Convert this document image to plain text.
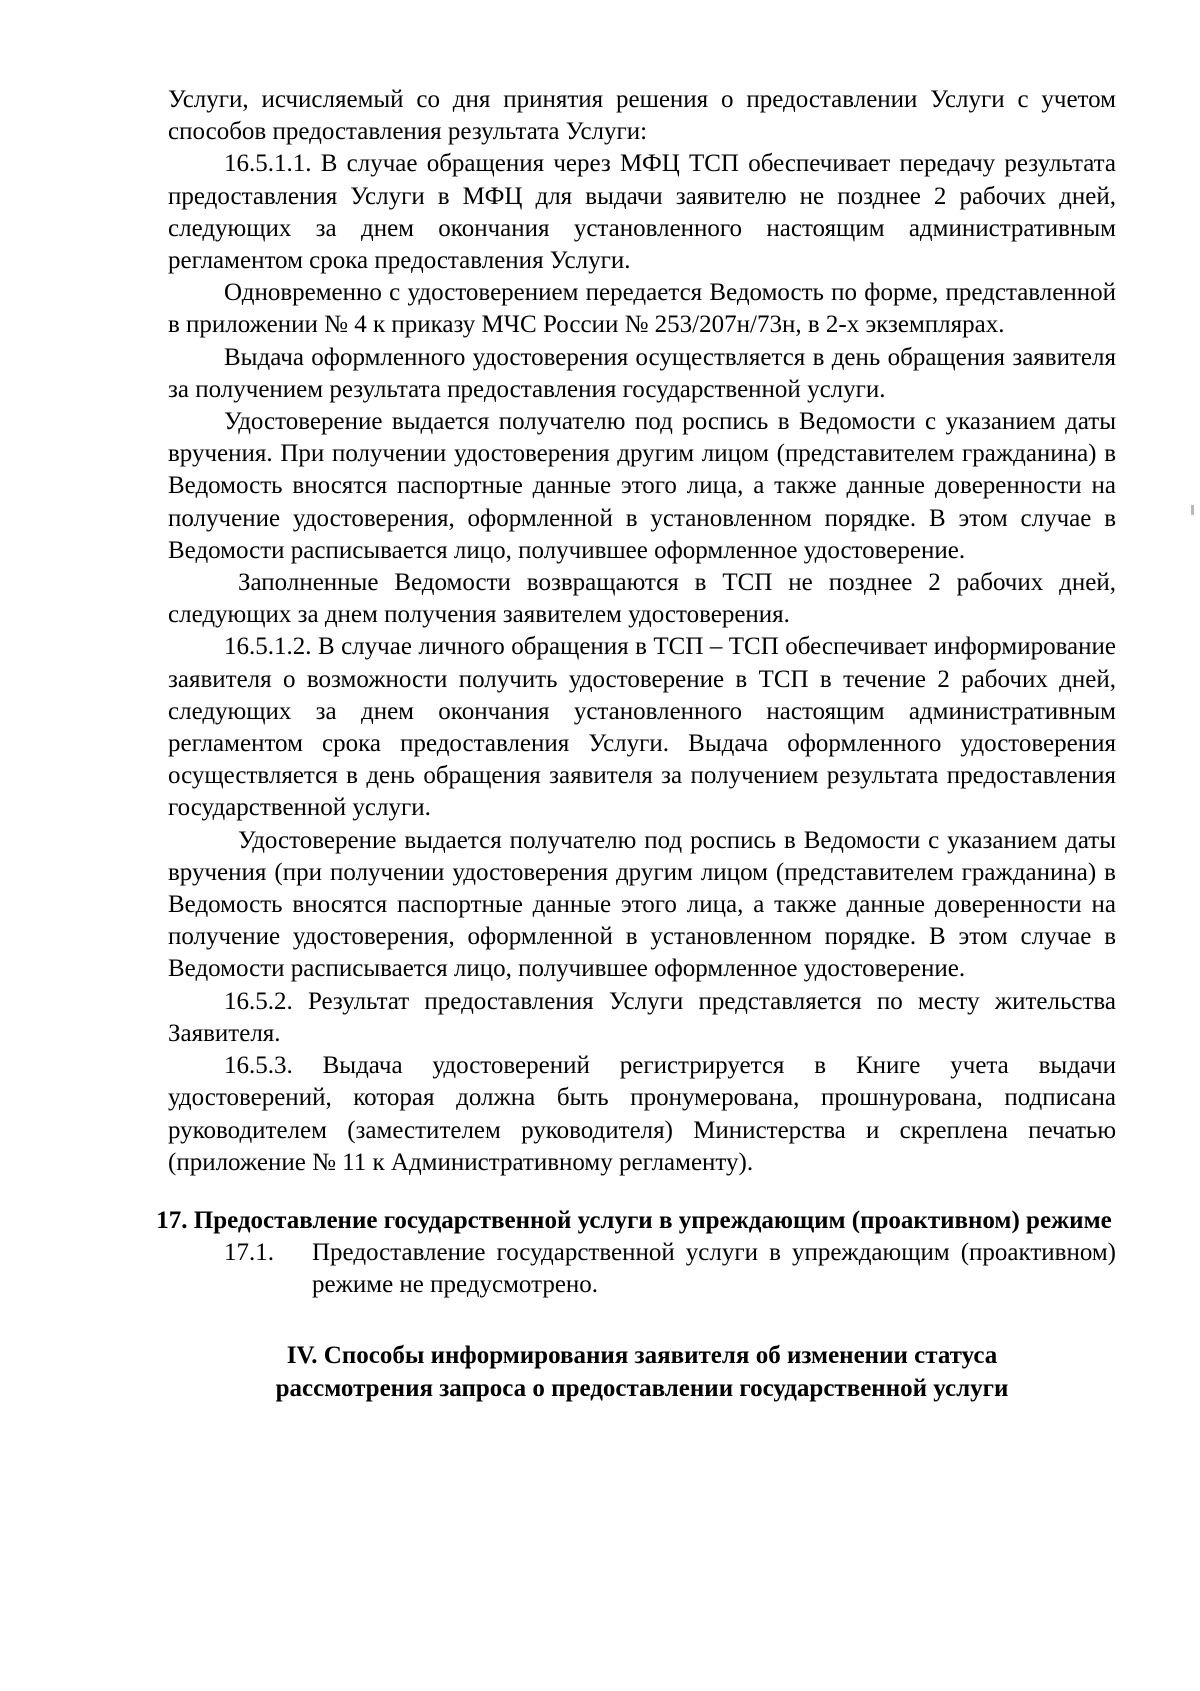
Услуги, исчисляемый со дня принятия решения о предоставлении Услуги с учетом способов предоставления результата Услуги:

16.5.1.1. В случае обращения через МФЦ ТСП обеспечивает передачу результата предоставления Услуги в МФЦ для выдачи заявителю не позднее 2 рабочих дней, следующих за днем окончания установленного настоящим административным регламентом срока предоставления Услуги.

Одновременно с удостоверением передается Ведомость по форме, представленной в приложении № 4 к приказу МЧС России № 253/207н/73н, в 2-х экземплярах.

Выдача оформленного удостоверения осуществляется в день обращения заявителя за получением результата предоставления государственной услуги.

Удостоверение выдается получателю под роспись в Ведомости с указанием даты вручения. При получении удостоверения другим лицом (представителем гражданина) в Ведомость вносятся паспортные данные этого лица, а также данные доверенности на получение удостоверения, оформленной в установленном порядке. В этом случае в Ведомости расписывается лицо, получившее оформленное удостоверение.

Заполненные Ведомости возвращаются в ТСП не позднее 2 рабочих дней, следующих за днем получения заявителем удостоверения.

16.5.1.2. В случае личного обращения в ТСП – ТСП обеспечивает информирование заявителя о возможности получить удостоверение в ТСП в течение 2 рабочих дней, следующих за днем окончания установленного настоящим административным регламентом срока предоставления Услуги. Выдача оформленного удостоверения осуществляется в день обращения заявителя за получением результата предоставления государственной услуги.

Удостоверение выдается получателю под роспись в Ведомости с указанием даты вручения (при получении удостоверения другим лицом (представителем гражданина) в Ведомость вносятся паспортные данные этого лица, а также данные доверенности на получение удостоверения, оформленной в установленном порядке. В этом случае в Ведомости расписывается лицо, получившее оформленное удостоверение.

16.5.2. Результат предоставления Услуги представляется по месту жительства Заявителя.

16.5.3. Выдача удостоверений регистрируется в Книге учета выдачи удостоверений, которая должна быть пронумерована, прошнурована, подписана руководителем (заместителем руководителя) Министерства и скреплена печатью (приложение № 11 к Административному регламенту).

17. Предоставление государственной услуги в упреждающим (проактивном) режиме
17.1.	Предоставление государственной услуги в упреждающим (проактивном) режиме не предусмотрено.
IV. Способы информирования заявителя об изменении статуса
рассмотрения запроса о предоставлении государственной услуги
